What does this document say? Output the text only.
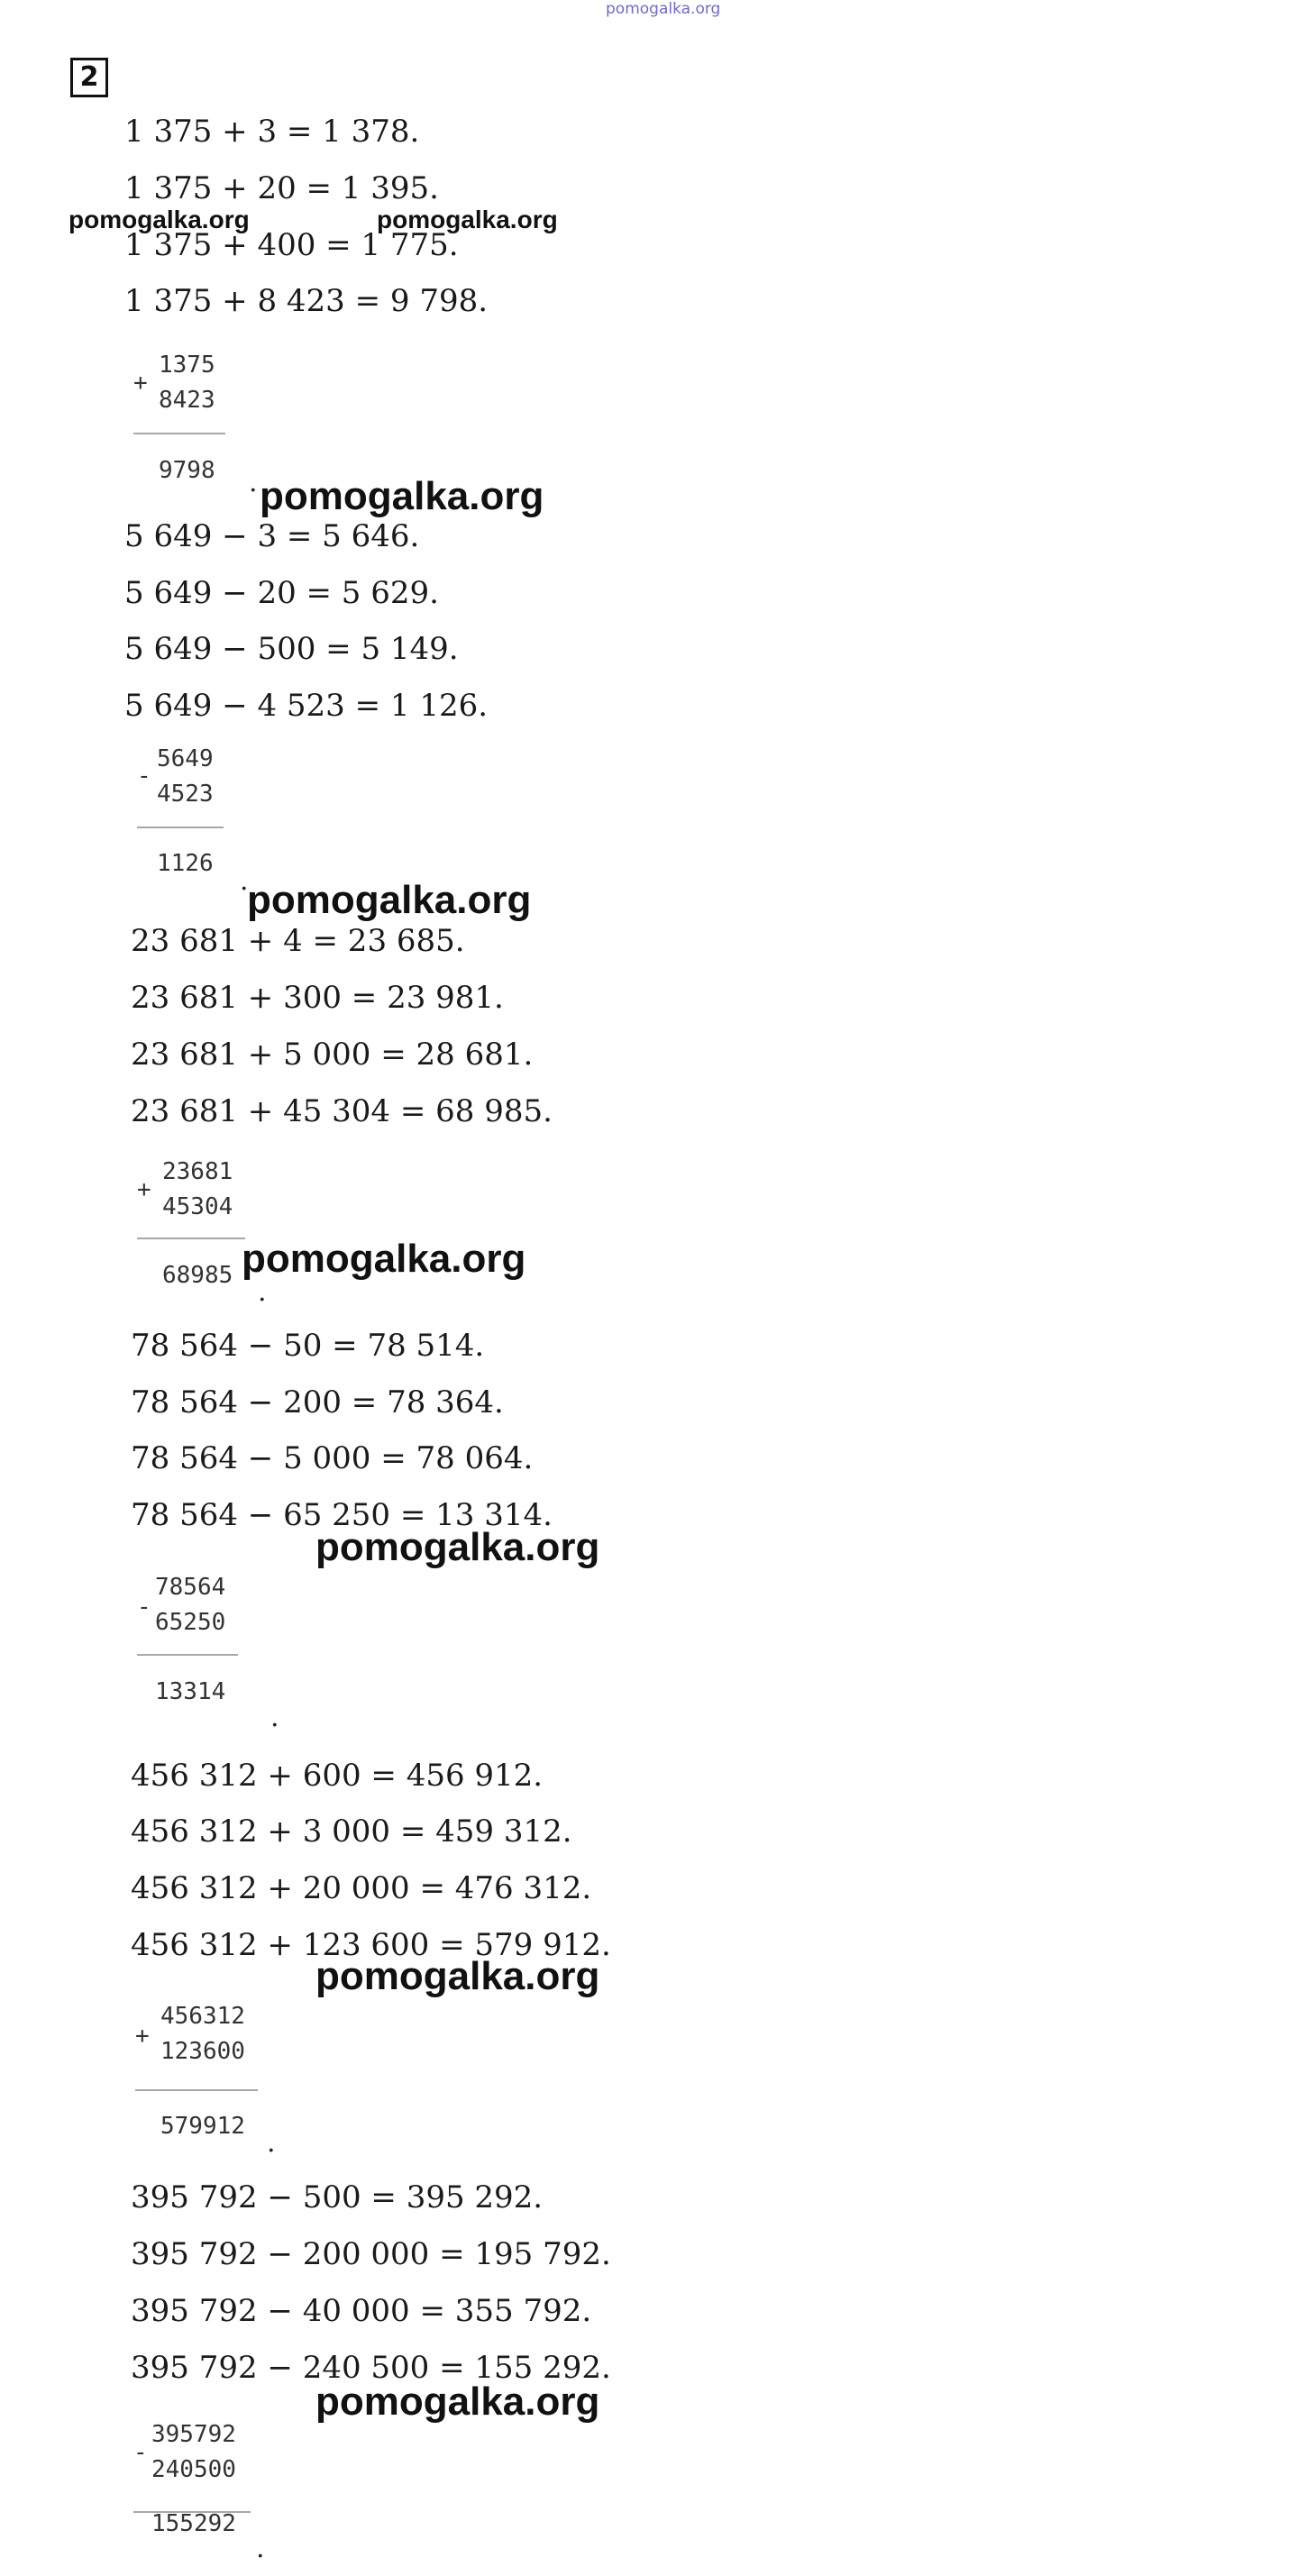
pomogalka.org
2
1 375 + 3 = 1 378.
1 375 + 20 = 1 395.
1 375 + 400 = 1 775.
1 375 + 8 423 = 9 798.
+
1375
8423
9798 .
5 649 − 3 = 5 646.
5 649 − 20 = 5 629.
5 649 − 500 = 5 149.
5 649 − 4 523 = 1 126.
-
5649
4523
1126
.
23 681 + 4 = 23 685.
23 681 + 300 = 23 981.
23 681 + 5 000 = 28 681.
23 681 + 45 304 = 68 985.
+
23681
45304
68985
.
78 564 − 50 = 78 514.
78 564 − 200 = 78 364.
78 564 − 5 000 = 78 064.
78 564 − 65 250 = 13 314.
-
78564
65250
13314
.
456 312 + 600 = 456 912.
456 312 + 3 000 = 459 312.
456 312 + 20 000 = 476 312.
456 312 + 123 600 = 579 912.
+
456312
123600
579912
.
395 792 − 500 = 395 292.
395 792 − 200 000 = 195 792.
395 792 − 40 000 = 355 792.
395 792 − 240 500 = 155 292.
-
395792
240500
155292
.
pomogalka.org	pomogalka.org
pomogalka.org
pomogalka.org
pomogalka.org
pomogalka.org
pomogalka.org
pomogalka.org
